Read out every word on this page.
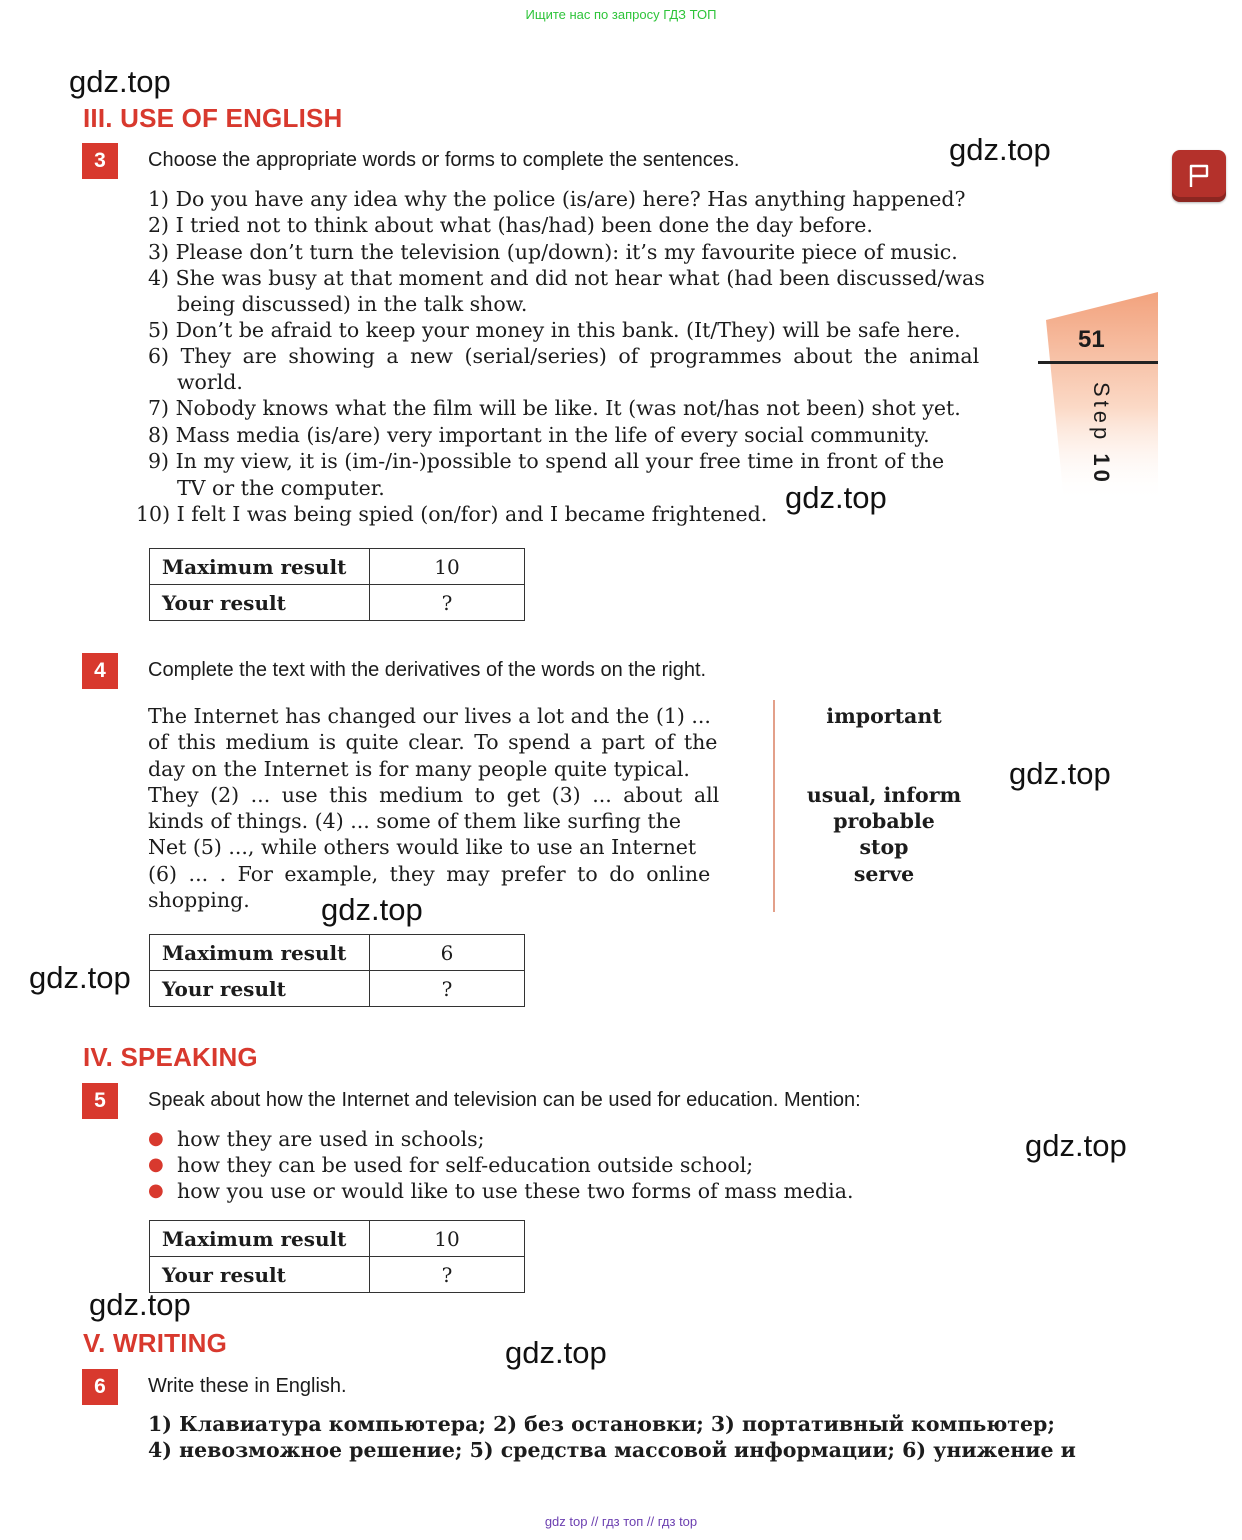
Ищите нас по запросу ГДЗ ТОП
gdz top // гдз топ // гдз top
gdz.top
gdz.top
gdz.top
gdz.top
gdz.top
gdz.top
gdz.top
gdz.top
gdz.top
51
Step 10
III. USE OF ENGLISH
3	Choose the appropriate words or forms to complete the sentences.
1) Do you have any idea why the police (is/are) here? Has anything happened?
2) I tried not to think about what (has/had) been done the day before.
3) Please don’t turn the television (up/down): it’s my favourite piece of music.
4) She was busy at that moment and did not hear what (had been discussed/was
being discussed) in the talk show.
5) Don’t be afraid to keep your money in this bank. (It/They) will be safe here.
6) They are showing a new (serial/series) of programmes about the animal
world.
7) Nobody knows what the film will be like. It (was not/has not been) shot yet.
8) Mass media (is/are) very important in the life of every social community.
9) In my view, it is (im-/in-)possible to spend all your free time in front of the
TV or the computer.
10) I felt I was being spied (on/for) and I became frightened.
Maximum result	10
Your result	?
4	Complete the text with the derivatives of the words on the right.
The Internet has changed our lives a lot and the (1) ...
of this medium is quite clear. To spend a part of the
day on the Internet is for many people quite typical.
They (2) ... use this medium to get (3) ... about all
kinds of things. (4) ... some of them like surfing the
Net (5) ..., while others would like to use an Internet
(6) ... . For example, they may prefer to do online
shopping.
important
usual, inform
probable
stop
serve
Maximum result	6
Your result	?
IV. SPEAKING
5	Speak about how the Internet and television can be used for education. Mention:
● how they are used in schools;
● how they can be used for self-education outside school;
● how you use or would like to use these two forms of mass media.
Maximum result	10
Your result	?
V. WRITING
6	Write these in English.
1) Клавиатура компьютера; 2) без остановки; 3) портативный компьютер;
4) невозможное решение; 5) средства массовой информации; 6) унижение и
